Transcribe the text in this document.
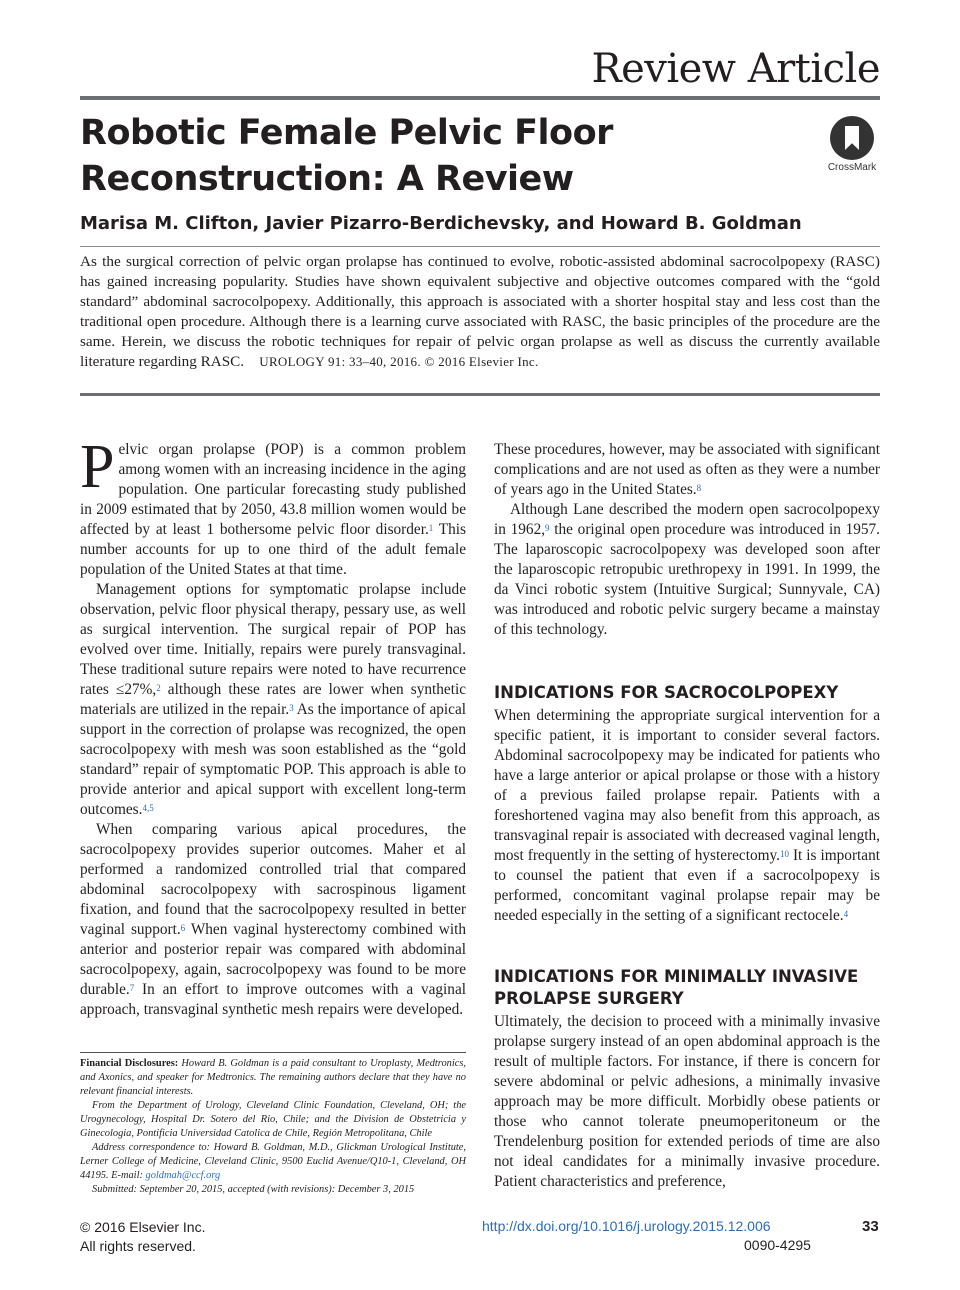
Review Article
Robotic Female Pelvic Floor Reconstruction: A Review	CrossMark
Marisa M. Clifton, Javier Pizarro-Berdichevsky, and Howard B. Goldman
As the surgical correction of pelvic organ prolapse has continued to evolve, robotic-assisted abdominal sacrocolpopexy (RASC) has gained increasing popularity. Studies have shown equivalent subjective and objective outcomes compared with the “gold standard” abdominal sacrocolpopexy. Additionally, this approach is associated with a shorter hospital stay and less cost than the traditional open procedure. Although there is a learning curve associated with RASC, the basic principles of the procedure are the same. Herein, we discuss the robotic techniques for repair of pelvic organ prolapse as well as discuss the currently available literature regarding RASC. UROLOGY 91: 33–40, 2016. © 2016 Elsevier Inc.

Pelvic organ prolapse (POP) is a common problem among women with an increasing incidence in the aging population. One particular forecasting study published in 2009 estimated that by 2050, 43.8 million women would be affected by at least 1 bothersome pelvic floor disorder.$^1$ This number accounts for up to one third of the adult female population of the United States at that time.

Management options for symptomatic prolapse include observation, pelvic floor physical therapy, pessary use, as well as surgical intervention. The surgical repair of POP has evolved over time. Initially, repairs were purely transvaginal. These traditional suture repairs were noted to have recurrence rates ≤27%,$^2$ although these rates are lower when synthetic materials are utilized in the repair.$^3$ As the importance of apical support in the correction of prolapse was recognized, the open sacrocolpopexy with mesh was soon established as the “gold standard” repair of symptomatic POP. This approach is able to provide anterior and apical support with excellent long-term outcomes.$^{4,5}$

When comparing various apical procedures, the sacrocolpopexy provides superior outcomes. Maher et al performed a randomized controlled trial that compared abdominal sacrocolpopexy with sacrospinous ligament fixation, and found that the sacrocolpopexy resulted in better vaginal support.$^6$ When vaginal hysterectomy combined with anterior and posterior repair was compared with abdominal sacrocolpopexy, again, sacrocolpopexy was found to be more durable.$^7$ In an effort to improve outcomes with a vaginal approach, transvaginal synthetic mesh repairs were developed.

Financial Disclosures: Howard B. Goldman is a paid consultant to Uroplasty, Medtronics, and Axonics, and speaker for Medtronics. The remaining authors declare that they have no relevant financial interests.

From the Department of Urology, Cleveland Clinic Foundation, Cleveland, OH; the Urogynecology, Hospital Dr. Sotero del Rio, Chile; and the Division de Obstetricia y Ginecologia, Pontificia Universidad Catolica de Chile, Región Metropolitana, Chile

Address correspondence to: Howard B. Goldman, M.D., Glickman Urological Institute, Lerner College of Medicine, Cleveland Clinic, 9500 Euclid Avenue/Q10-1, Cleveland, OH 44195. E-mail: goldmah@ccf.org

Submitted: September 20, 2015, accepted (with revisions): December 3, 2015

These procedures, however, may be associated with significant complications and are not used as often as they were a number of years ago in the United States.$^8$

Although Lane described the modern open sacrocolpopexy in 1962,$^9$ the original open procedure was introduced in 1957. The laparoscopic sacrocolpopexy was developed soon after the laparoscopic retropubic urethropexy in 1991. In 1999, the da Vinci robotic system (Intuitive Surgical; Sunnyvale, CA) was introduced and robotic pelvic surgery became a mainstay of this technology.

INDICATIONS FOR SACROCOLPOPEXY

When determining the appropriate surgical intervention for a specific patient, it is important to consider several factors. Abdominal sacrocolpopexy may be indicated for patients who have a large anterior or apical prolapse or those with a history of a previous failed prolapse repair. Patients with a foreshortened vagina may also benefit from this approach, as transvaginal repair is associated with decreased vaginal length, most frequently in the setting of hysterectomy.$^{10}$ It is important to counsel the patient that even if a sacrocolpopexy is performed, concomitant vaginal prolapse repair may be needed especially in the setting of a significant rectocele.$^4$

INDICATIONS FOR MINIMALLY INVASIVE PROLAPSE SURGERY

Ultimately, the decision to proceed with a minimally invasive prolapse surgery instead of an open abdominal approach is the result of multiple factors. For instance, if there is concern for severe abdominal or pelvic adhesions, a minimally invasive approach may be more difficult. Morbidly obese patients or those who cannot tolerate pneumoperitoneum or the Trendelenburg position for extended periods of time are also not ideal candidates for a minimally invasive procedure. Patient characteristics and preference,

© 2016 Elsevier Inc.
All rights reserved.
http://dx.doi.org/10.1016/j.urology.2015.12.006
0090-4295
33
